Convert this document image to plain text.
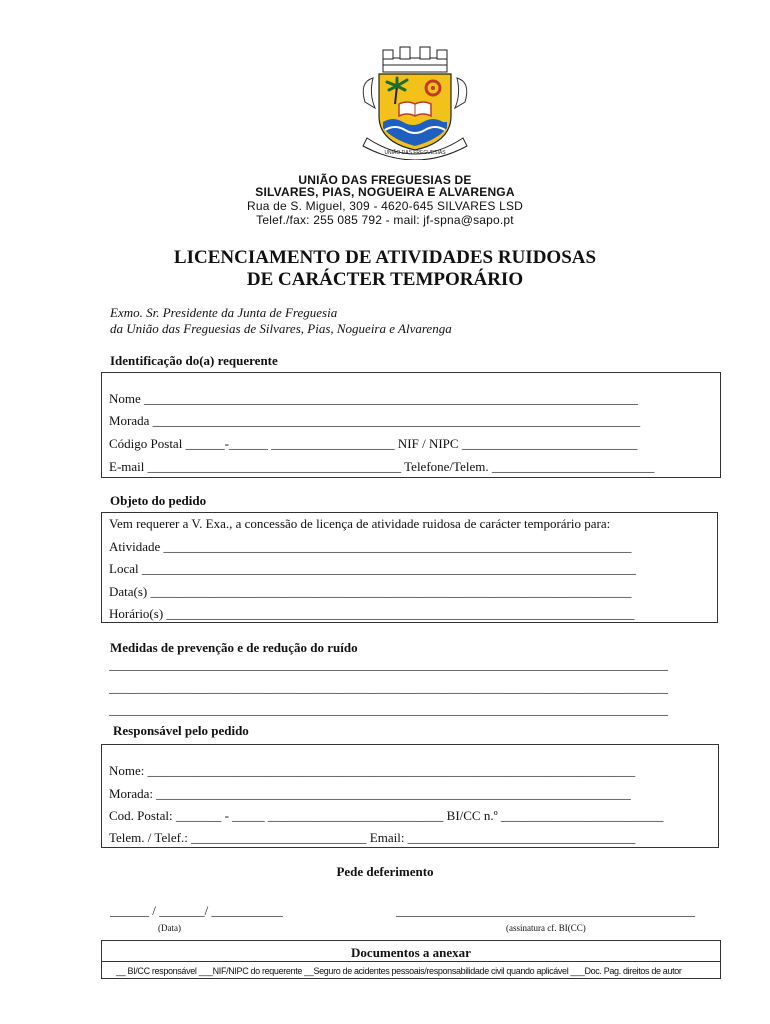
UNIÃO DAS FREGUESIAS
UNIÃO DAS FREGUESIAS DE
SILVARES, PIAS, NOGUEIRA E ALVARENGA
Rua de S. Miguel, 309 - 4620-645 SILVARES LSD
Telef./fax: 255 085 792 - mail: jf-spna@sapo.pt
LICENCIAMENTO DE ATIVIDADES RUIDOSAS
DE CARÁCTER TEMPORÁRIO
Exmo. Sr. Presidente da Junta de Freguesia
da União das Freguesias de Silvares, Pias, Nogueira e Alvarenga
Identificação do(a) requerente
Nome ____________________________________________________________________________
Morada ___________________________________________________________________________
Código Postal ______-______ ___________________ NIF / NIPC ___________________________
E-mail _______________________________________ Telefone/Telem. _________________________
Objeto do pedido
Vem requerer a V. Exa., a concessão de licença de atividade ruidosa de carácter temporário para:
Atividade ________________________________________________________________________
Local ____________________________________________________________________________
Data(s) __________________________________________________________________________
Horário(s) ________________________________________________________________________
Medidas de prevenção e de redução do ruído
______________________________________________________________________________________
______________________________________________________________________________________
______________________________________________________________________________________
Responsável pelo pedido
Nome: ___________________________________________________________________________
Morada: _________________________________________________________________________
Cod. Postal: _______ - _____ ___________________________ BI/CC n.º _________________________
Telem. / Telef.: ___________________________ Email: ___________________________________
Pede deferimento
______ / _______/ ___________
(Data)
______________________________________________
(assinatura cf. BI(CC)
Documentos a anexar
__ BI/CC responsável ___NIF/NIPC do requerente __Seguro de acidentes pessoais/responsabilidade civil quando aplicável ___Doc. Pag. direitos de autor
